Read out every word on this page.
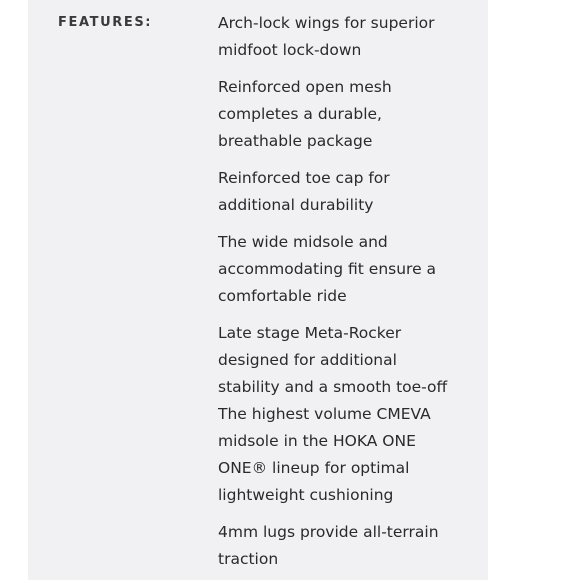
FEATURES:	Arch-lock wings for superior
midfoot lock-down
Reinforced open mesh
completes a durable,
breathable package
Reinforced toe cap for
additional durability
The wide midsole and
accommodating fit ensure a
comfortable ride
Late stage Meta-Rocker
designed for additional
stability and a smooth toe-off
The highest volume CMEVA
midsole in the HOKA ONE
ONE® lineup for optimal
lightweight cushioning
4mm lugs provide all-terrain
traction
